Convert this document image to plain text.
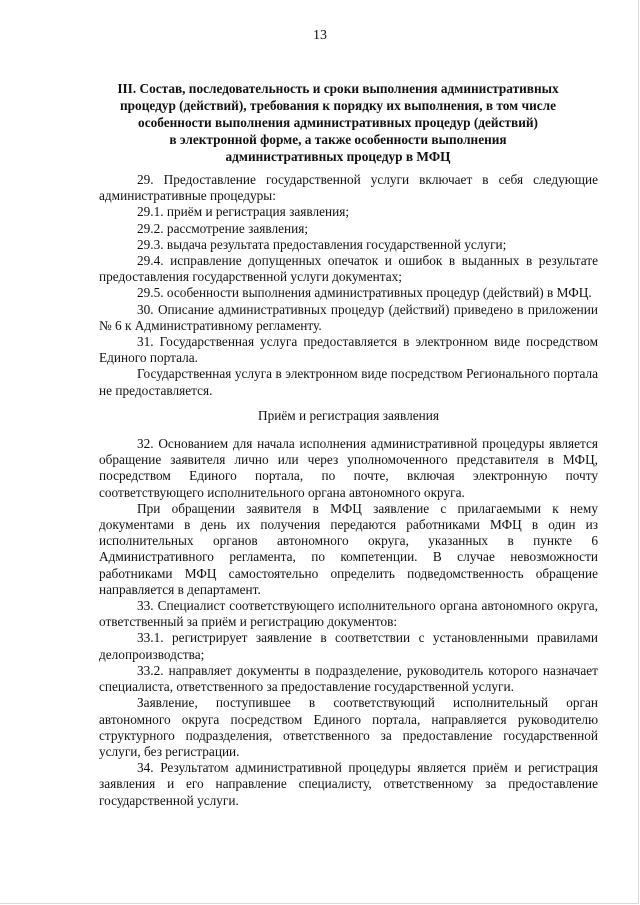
13
III. Состав, последовательность и сроки выполнения административных
процедур (действий), требования к порядку их выполнения, в том числе
особенности выполнения административных процедур (действий)
в электронной форме, а также особенности выполнения
административных процедур в МФЦ

29. Предоставление государственной услуги включает в себя следующие административные процедуры:

29.1. приём и регистрация заявления;

29.2. рассмотрение заявления;

29.3. выдача результата предоставления государственной услуги;

29.4. исправление допущенных опечаток и ошибок в выданных в результате предоставления государственной услуги документах;

29.5. особенности выполнения административных процедур (действий) в МФЦ.

30. Описание административных процедур (действий) приведено в приложении № 6 к Административному регламенту.

31. Государственная услуга предоставляется в электронном виде посредством Единого портала.

Государственная услуга в электронном виде посредством Регионального портала не предоставляется.

Приём и регистрация заявления

32. Основанием для начала исполнения административной процедуры является обращение заявителя лично или через уполномоченного представителя в МФЦ, посредством Единого портала, по почте, включая электронную почту соответствующего исполнительного органа автономного округа.

При обращении заявителя в МФЦ заявление с прилагаемыми к нему документами в день их получения передаются работниками МФЦ в один из исполнительных органов автономного округа, указанных в пункте 6 Административного регламента, по компетенции. В случае невозможности работниками МФЦ самостоятельно определить подведомственность обращение направляется в департамент.

33. Специалист соответствующего исполнительного органа автономного округа, ответственный за приём и регистрацию документов:

33.1. регистрирует заявление в соответствии с установленными правилами делопроизводства;

33.2. направляет документы в подразделение, руководитель которого назначает специалиста, ответственного за предоставление государственной услуги.

Заявление, поступившее в соответствующий исполнительный орган автономного округа посредством Единого портала, направляется руководителю структурного подразделения, ответственного за предоставление государственной услуги, без регистрации.

34. Результатом административной процедуры является приём и регистрация заявления и его направление специалисту, ответственному за предоставление государственной услуги.
